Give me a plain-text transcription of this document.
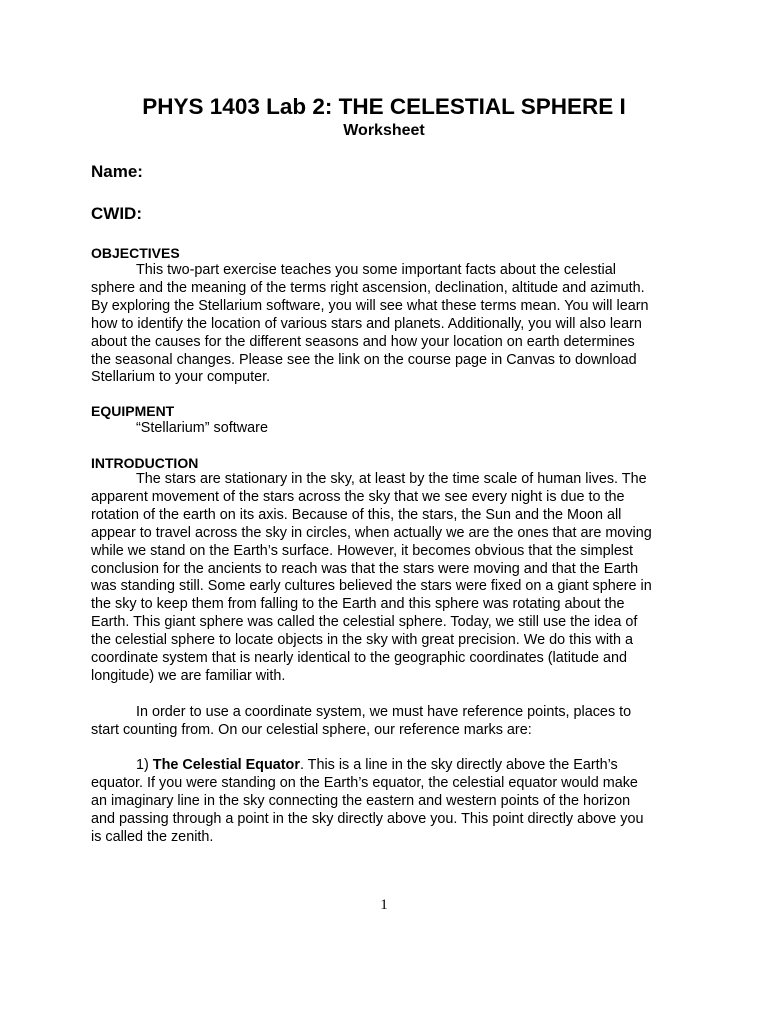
PHYS 1403 Lab 2: THE CELESTIAL SPHERE I
Worksheet
Name:
CWID:
OBJECTIVES
This two-part exercise teaches you some important facts about the celestial
sphere and the meaning of the terms right ascension, declination, altitude and azimuth.
By exploring the Stellarium software, you will see what these terms mean. You will learn
how to identify the location of various stars and planets. Additionally, you will also learn
about the causes for the different seasons and how your location on earth determines
the seasonal changes. Please see the link on the course page in Canvas to download
Stellarium to your computer.
EQUIPMENT
“Stellarium” software
INTRODUCTION
The stars are stationary in the sky, at least by the time scale of human lives. The
apparent movement of the stars across the sky that we see every night is due to the
rotation of the earth on its axis. Because of this, the stars, the Sun and the Moon all
appear to travel across the sky in circles, when actually we are the ones that are moving
while we stand on the Earth’s surface. However, it becomes obvious that the simplest
conclusion for the ancients to reach was that the stars were moving and that the Earth
was standing still. Some early cultures believed the stars were fixed on a giant sphere in
the sky to keep them from falling to the Earth and this sphere was rotating about the
Earth. This giant sphere was called the celestial sphere. Today, we still use the idea of
the celestial sphere to locate objects in the sky with great precision. We do this with a
coordinate system that is nearly identical to the geographic coordinates (latitude and
longitude) we are familiar with.
In order to use a coordinate system, we must have reference points, places to
start counting from. On our celestial sphere, our reference marks are:
1) The Celestial Equator. This is a line in the sky directly above the Earth’s
equator. If you were standing on the Earth’s equator, the celestial equator would make
an imaginary line in the sky connecting the eastern and western points of the horizon
and passing through a point in the sky directly above you. This point directly above you
is called the zenith.
1
